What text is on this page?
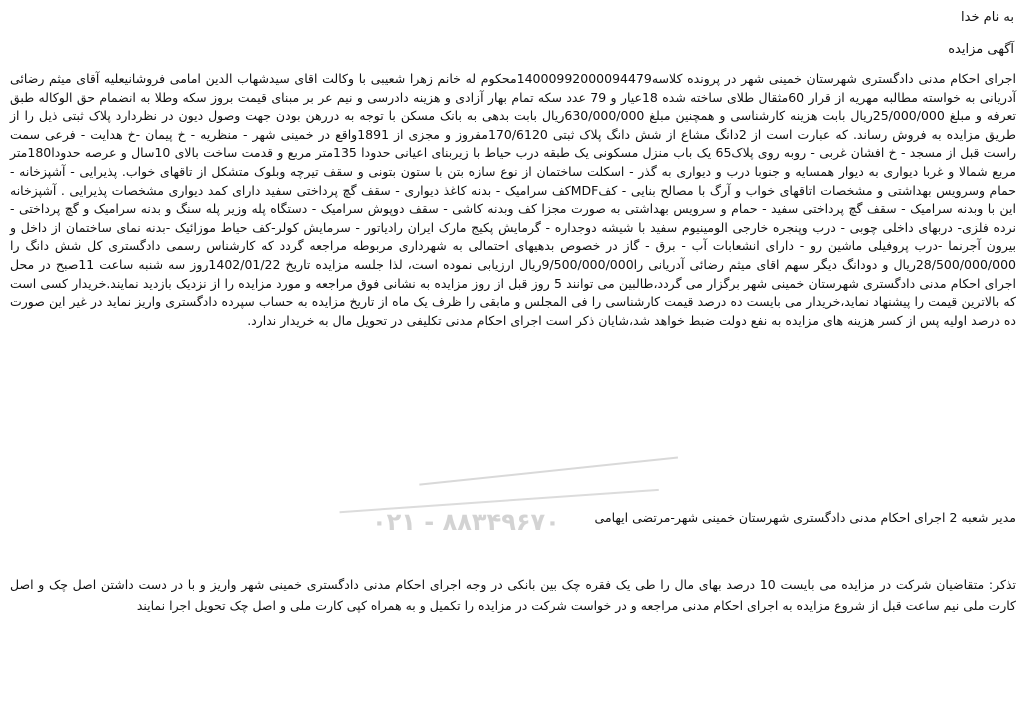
۰۲۱ - ۸۸۳۴۹۶۷۰
به نام خدا
آگهی مزایده
اجرای احکام مدنی دادگستری شهرستان خمینی شهر در پرونده کلاسه14000992000094479محکوم له خانم زهرا شعیبی با وکالت اقای سیدشهاب الدین امامی فروشانیعلیه آقای میثم رضائی آدریانی به خواسته مطالبه مهریه از قرار 60مثقال طلای ساخته شده 18عیار و 79 عدد سکه تمام بهار آزادی و هزینه دادرسی و نیم عر بر مبنای قیمت بروز سکه وطلا به انضمام حق الوکاله طبق تعرفه و مبلغ 25/000/000ریال بابت هزینه کارشناسی و همچنین مبلغ 630/000/000ریال بابت بدهی به بانک مسکن با توجه به دررهن بودن جهت وصول دیون در نظردارد پلاک ثبتی ذیل را از طریق مزایده به فروش رساند. که عبارت است از 2دانگ مشاع از شش دانگ پلاک ثبتی 170/6120مفروز و مجزی از 1891واقع در خمینی شهر - منظریه - خ پیمان -خ هدایت - فرعی سمت راست قبل از مسجد - خ افشان غربی - روبه روی پلاک65 یک باب منزل مسکونی یک طبقه درب حیاط با زیربنای اعیانی حدودا 135متر مربع و قدمت ساخت بالای 10سال و عرصه حدودا180متر مربع شمالا و غربا دیواری به دیوار همسایه و جنوبا درب و دیواری به گذر - اسکلت ساختمان از نوع سازه بتن با ستون بتونی و سقف تیرچه وبلوک متشکل از تاقهای خواب. پذیرایی - آشپزخانه - حمام وسرویس بهداشتی و مشخصات اتاقهای خواب و آرگ با مصالح بنایی - کفMDFکف سرامیک - بدنه کاغذ دیواری - سقف گچ پرداختی سفید دارای کمد دیواری مشخصات پذیرایی . آشپزخانه این با وبدنه سرامیک - سقف گچ پرداختی سفید - حمام و سرویس بهداشتی به صورت مجزا کف وبدنه کاشی - سقف دوپوش سرامیک - دستگاه پله وزیر پله سنگ و بدنه سرامیک و گچ پرداختی - نرده فلزی- دربهای داخلی چوبی - درب وپنجره خارجی الومینیوم سفید با شیشه دوجداره - گرمایش پکیج مارک ایران رادیاتور - سرمایش کولر-کف حیاط موزائیک -بدنه نمای ساختمان از داخل و بیرون آجرنما -درب پروفیلی ماشین رو - دارای انشعابات آب - برق - گاز در خصوص بدهیهای احتمالی به شهرداری مربوطه مراجعه گردد که کارشناس رسمی دادگستری کل شش دانگ را 28/500/000/000ریال و دودانگ دیگر سهم اقای میثم رضائی آدریانی را9/500/000/000ریال ارزیابی نموده است، لذا جلسه مزایده تاریخ 1402/01/22روز سه شنبه ساعت 11صبح در محل اجرای احکام مدنی دادگستری شهرستان خمینی شهر برگزار می گردد،طالبین می توانند 5 روز قبل از روز مزایده به نشانی فوق مراجعه و مورد مزایده را از نزدیک بازدید نمایند.خریدار کسی است که بالاترین قیمت را پیشنهاد نماید،خریدار می بایست ده درصد قیمت کارشناسی را فی المجلس و مابقی را ظرف یک ماه از تاریخ مزایده به حساب سپرده دادگستری واریز نماید در غیر این صورت ده درصد اولیه پس از کسر هزینه های مزایده به نفع دولت ضبط خواهد شد،شایان ذکر است اجرای احکام مدنی تکلیفی در تحویل مال به خریدار ندارد.
مدیر شعبه 2 اجرای احکام مدنی دادگستری شهرستان خمینی شهر-مرتضی ایهامی
تذکر: متقاضیان شرکت در مزایده می بایست 10 درصد بهای مال را طی یک فقره چک بین بانکی در وجه اجرای احکام مدنی دادگستری خمینی شهر واریز و با در دست داشتن اصل چک و اصل کارت ملی نیم ساعت قبل از شروع مزایده به اجرای احکام مدنی مراجعه و در خواست شرکت در مزایده را تکمیل و به همراه کپی کارت ملی و اصل چک تحویل اجرا نمایند
